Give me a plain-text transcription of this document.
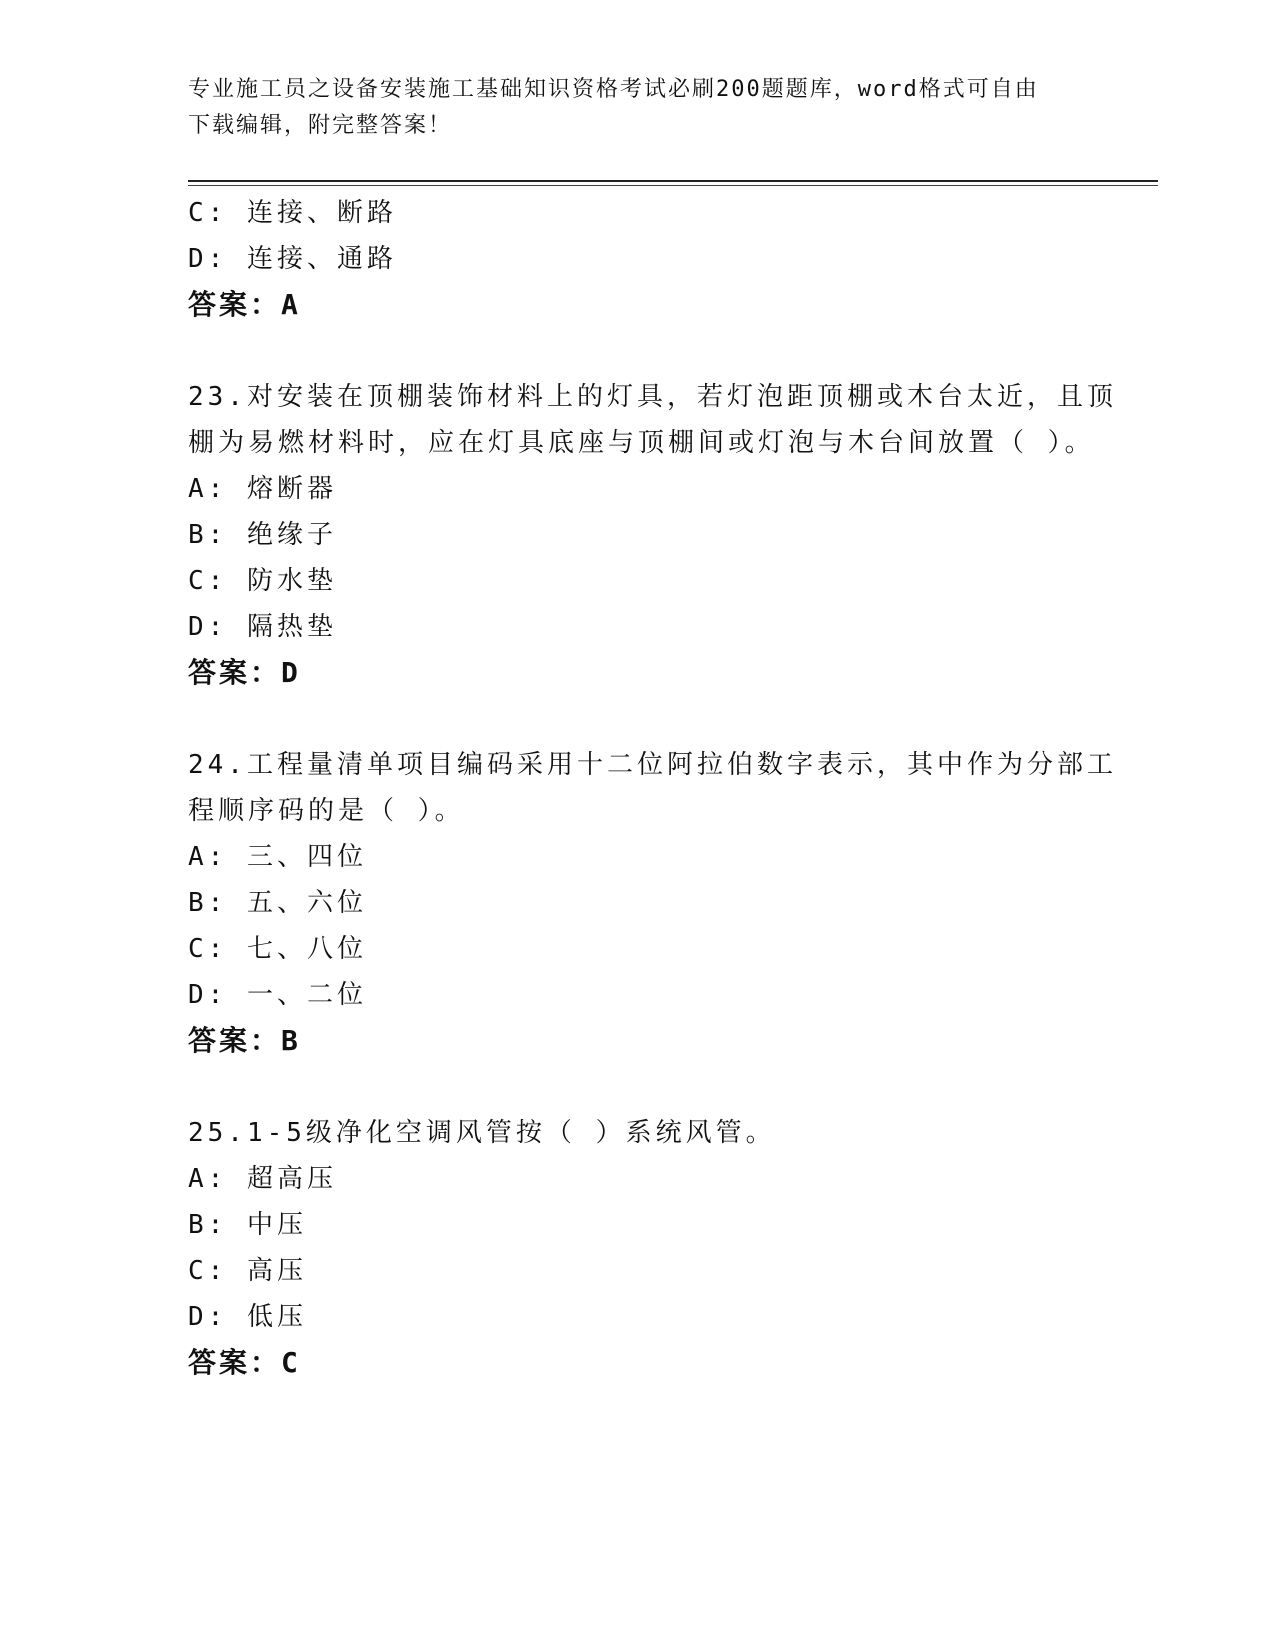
专业施工员之设备安装施工基础知识资格考试必刷200题题库，word格式可自由
下载编辑，附完整答案！
C: 连接、断路
D: 连接、通路
答案：A
23.对安装在顶棚装饰材料上的灯具，若灯泡距顶棚或木台太近，且顶
棚为易燃材料时，应在灯具底座与顶棚间或灯泡与木台间放置（ ）。
A: 熔断器
B: 绝缘子
C: 防水垫
D: 隔热垫
答案：D
24.工程量清单项目编码采用十二位阿拉伯数字表示，其中作为分部工
程顺序码的是（ ）。
A: 三、四位
B: 五、六位
C: 七、八位
D: 一、二位
答案：B
25.1-5级净化空调风管按（ ）系统风管。
A: 超高压
B: 中压
C: 高压
D: 低压
答案：C
